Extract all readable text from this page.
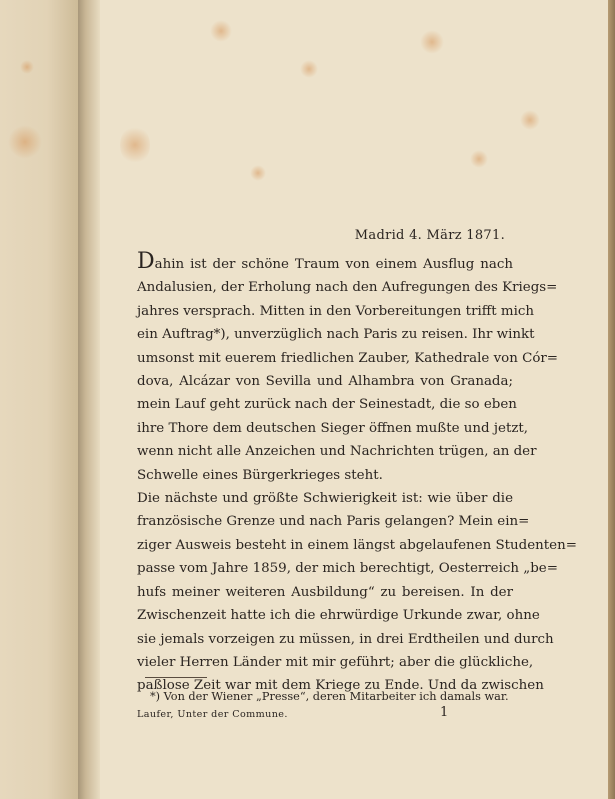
Madrid 4. März 1871.
Dahin ist der schöne Traum von einem Ausflug nach
Andalusien, der Erholung nach den Aufregungen des Kriegs=
jahres versprach. Mitten in den Vorbereitungen trifft mich
ein Auftrag*), unverzüglich nach Paris zu reisen. Ihr winkt
umsonst mit euerem friedlichen Zauber, Kathedrale von Cór=
dova, Alcázar von Sevilla und Alhambra von Granada;
mein Lauf geht zurück nach der Seinestadt, die so eben
ihre Thore dem deutschen Sieger öffnen mußte und jetzt,
wenn nicht alle Anzeichen und Nachrichten trügen, an der
Schwelle eines Bürgerkrieges steht.
Die nächste und größte Schwierigkeit ist: wie über die
französische Grenze und nach Paris gelangen? Mein ein=
ziger Ausweis besteht in einem längst abgelaufenen Studenten=
passe vom Jahre 1859, der mich berechtigt, Oesterreich „be=
hufs meiner weiteren Ausbildung“ zu bereisen. In der
Zwischenzeit hatte ich die ehrwürdige Urkunde zwar, ohne
sie jemals vorzeigen zu müssen, in drei Erdtheilen und durch
vieler Herren Länder mit mir geführt; aber die glückliche,
paßlose Zeit war mit dem Kriege zu Ende. Und da zwischen
*) Von der Wiener „Presse“, deren Mitarbeiter ich damals war.
Laufer, Unter der Commune.	1
